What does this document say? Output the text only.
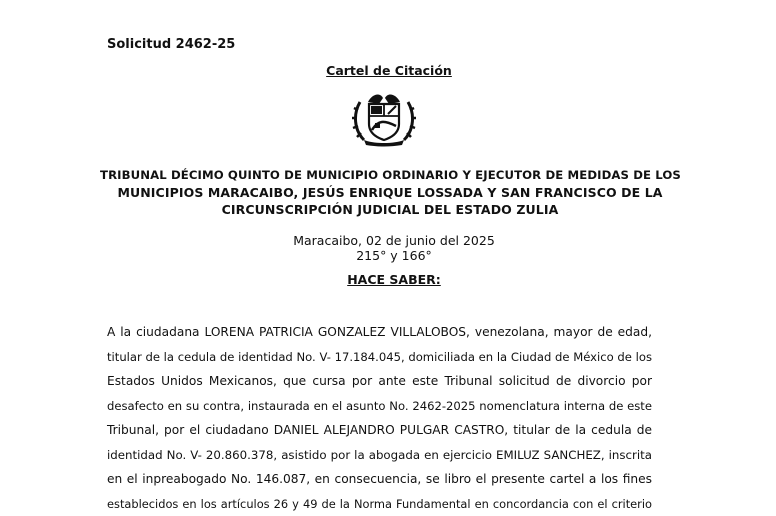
Solicitud 2462-25
Cartel de Citación
TRIBUNAL DÉCIMO QUINTO DE MUNICIPIO ORDINARIO Y EJECUTOR DE MEDIDAS DE LOS
MUNICIPIOS MARACAIBO, JESÚS ENRIQUE LOSSADA Y SAN FRANCISCO DE LA
CIRCUNSCRIPCIÓN JUDICIAL DEL ESTADO ZULIA
Maracaibo, 02 de junio del 2025
215° y 166°
HACE SABER:
A la ciudadana LORENA PATRICIA GONZALEZ VILLALOBOS, venezolana, mayor de edad,
titular de la cedula de identidad No. V- 17.184.045, domiciliada en la Ciudad de México de los
Estados Unidos Mexicanos, que cursa por ante este Tribunal solicitud de divorcio por
desafecto en su contra, instaurada en el asunto No. 2462-2025 nomenclatura interna de este
Tribunal, por el ciudadano DANIEL ALEJANDRO PULGAR CASTRO, titular de la cedula de
identidad No. V- 20.860.378, asistido por la abogada en ejercicio EMILUZ SANCHEZ, inscrita
en el inpreabogado No. 146.087, en consecuencia, se libro el presente cartel a los fines
establecidos en los artículos 26 y 49 de la Norma Fundamental en concordancia con el criterio
